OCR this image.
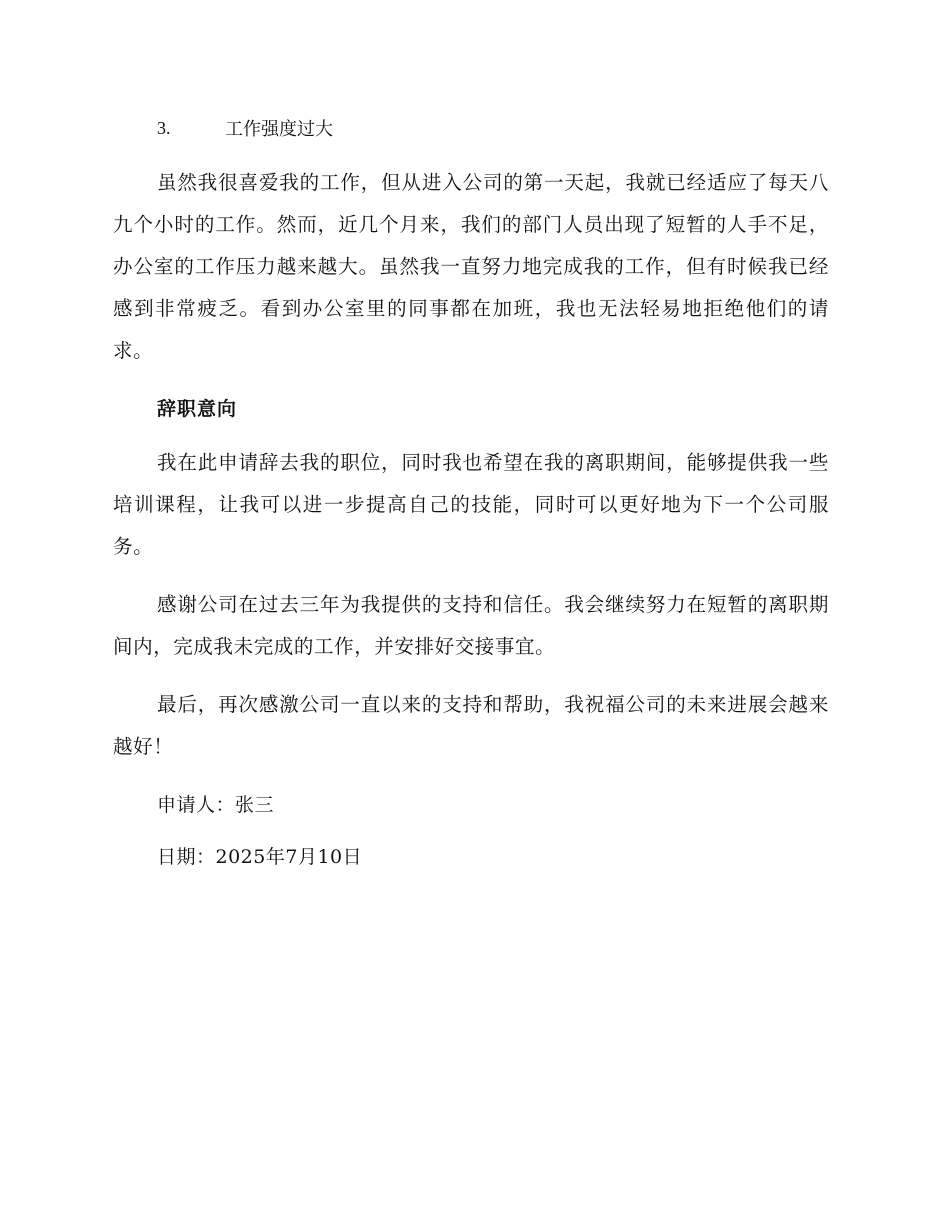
3.	工作强度过大

虽然我很喜爱我的工作，但从进入公司的第一天起，我就已经适应了每天八九个小时的工作。然而，近几个月来，我们的部门人员出现了短暂的人手不足，办公室的工作压力越来越大。虽然我一直努力地完成我的工作，但有时候我已经感到非常疲乏。看到办公室里的同事都在加班，我也无法轻易地拒绝他们的请求。

辞职意向

我在此申请辞去我的职位，同时我也希望在我的离职期间，能够提供我一些培训课程，让我可以进一步提高自己的技能，同时可以更好地为下一个公司服务。

感谢公司在过去三年为我提供的支持和信任。我会继续努力在短暂的离职期间内，完成我未完成的工作，并安排好交接事宜。

最后，再次感激公司一直以来的支持和帮助，我祝福公司的未来进展会越来越好！

申请人：张三
日期：2025年7月10日
